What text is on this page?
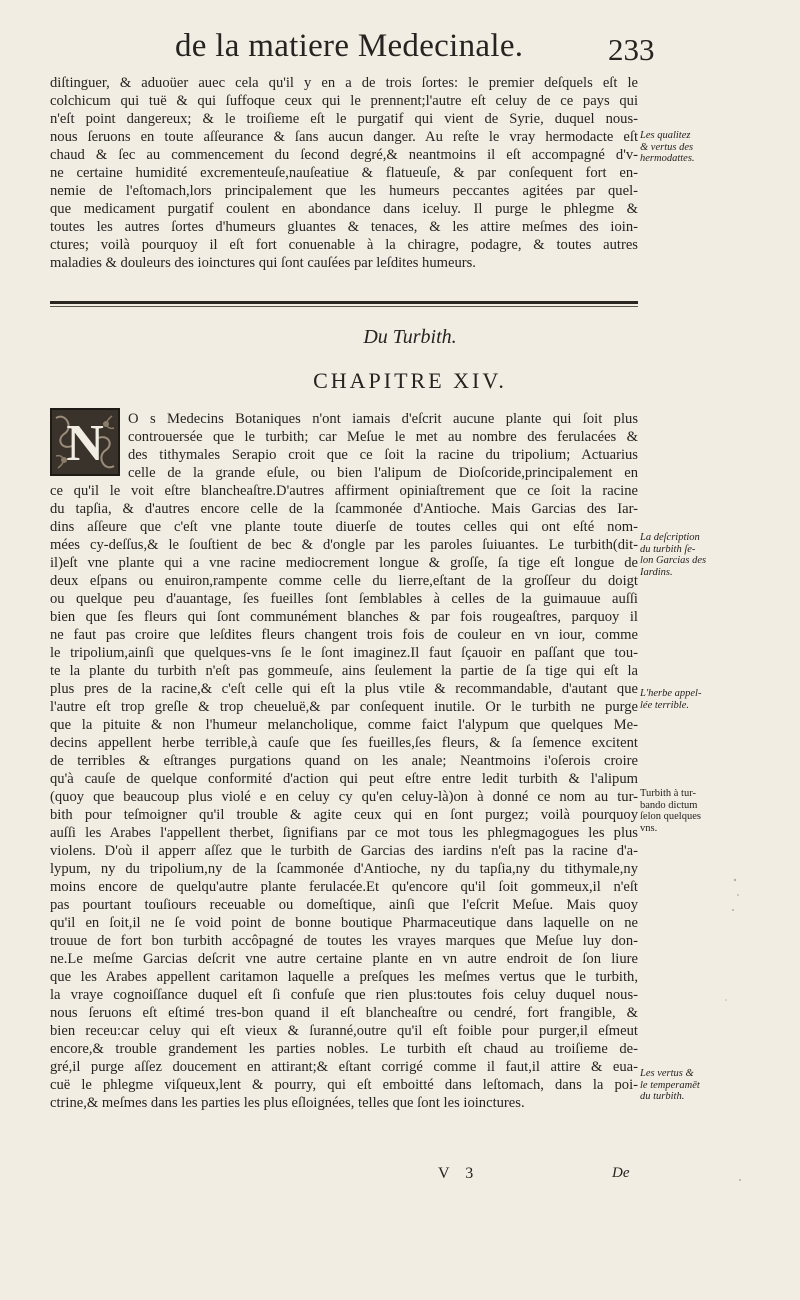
de la matiere Medecinale.	233
diſtinguer, & aduoüer auec cela qu'il y en a de trois ſortes: le premier deſquels eſt le
colchicum qui tuë & qui ſuffoque ceux qui le prennent;l'autre eſt celuy de ce pays qui
n'eſt point dangereux; & le troiſieme eſt le purgatif qui vient de Syrie, duquel nous-
nous ſeruons en toute aſſeurance & ſans aucun danger. Au reſte le vray hermodacte eſt
chaud & ſec au commencement du ſecond degré,& neantmoins il eſt accompagné d'v-
ne certaine humidité excrementeuſe,nauſeatiue & flatueuſe, & par conſequent fort en-
nemie de l'eſtomach,lors principalement que les humeurs peccantes agitées par quel-
que medicament purgatif coulent en abondance dans iceluy. Il purge le phlegme &
toutes les autres ſortes d'humeurs gluantes & tenaces, & les attire meſmes des ioin-
ctures; voilà pourquoy il eſt fort conuenable à la chiragre, podagre, & toutes autres
maladies & douleurs des ioinctures qui ſont cauſées par leſdites humeurs.
Du Turbith.
CHAPITRE XIV.
N	O s Medecins Botaniques n'ont iamais d'eſcrit aucune plante qui ſoit plus
controuersée que le turbith; car Meſue le met au nombre des ferulacées &
des tithymales Serapio croit que ce ſoit la racine du tripolium; Actuarius
celle de la grande eſule, ou bien l'alipum de Dioſcoride,principalement en
ce qu'il le voit eſtre blancheaſtre.D'autres affirment opiniaſtrement que ce ſoit la racine
du tapſia, & d'autres encore celle de la ſcammonée d'Antioche. Mais Garcias des Iar-
dins aſſeure que c'eſt vne plante toute diuerſe de toutes celles qui ont eſté nom-
mées cy-deſſus,& le ſouſtient de bec & d'ongle par les paroles ſuiuantes. Le turbith(dit-
il)eſt vne plante qui a vne racine mediocrement longue & groſſe, ſa tige eſt longue de
deux eſpans ou enuiron,rampente comme celle du lierre,eſtant de la groſſeur du doigt
ou quelque peu d'auantage, ſes fueilles ſont ſemblables à celles de la guimauue auſſi
bien que ſes fleurs qui ſont communément blanches & par fois rougeaſtres, parquoy il
ne faut pas croire que leſdites fleurs changent trois fois de couleur en vn iour, comme
le tripolium,ainſi que quelques-vns ſe le ſont imaginez.Il faut ſçauoir en paſſant que tou-
te la plante du turbith n'eſt pas gommeuſe, ains ſeulement la partie de ſa tige qui eſt la
plus pres de la racine,& c'eſt celle qui eſt la plus vtile & recommandable, d'autant que
l'autre eſt trop greſle & trop cheueluë,& par conſequent inutile. Or le turbith ne purge
que la pituite & non l'humeur melancholique, comme faict l'alypum que quelques Me-
decins appellent herbe terrible,à cauſe que ſes fueilles,ſes fleurs, & ſa ſemence excitent
de terribles & eſtranges purgations quand on les anale; Neantmoins i'oſerois croire
qu'à cauſe de quelque conformité d'action qui peut eſtre entre ledit turbith & l'alipum
(quoy que beaucoup plus violé e en celuy cy qu'en celuy-là)on à donné ce nom au tur-
bith pour teſmoigner qu'il trouble & agite ceux qui en ſont purgez; voilà pourquoy
auſſi les Arabes l'appellent therbet, ſignifians par ce mot tous les phlegmagogues les plus
violens. D'où il apperr aſſez que le turbith de Garcias des iardins n'eſt pas la racine d'a-
lypum, ny du tripolium,ny de la ſcammonée d'Antioche, ny du tapſia,ny du tithymale,ny
moins encore de quelqu'autre plante ferulacée.Et qu'encore qu'il ſoit gommeux,il n'eſt
pas pourtant touſiours receuable ou domeſtique, ainſi que l'eſcrit Meſue. Mais quoy
qu'il en ſoit,il ne ſe void point de bonne boutique Pharmaceutique dans laquelle on ne
trouue de fort bon turbith accôpagné de toutes les vrayes marques que Meſue luy don-
ne.Le meſme Garcias deſcrit vne autre certaine plante en vn autre endroit de ſon liure
que les Arabes appellent caritamon laquelle a preſques les meſmes vertus que le turbith,
la vraye cognoiſſance duquel eſt ſi confuſe que rien plus:toutes fois celuy duquel nous-
nous ſeruons eſt eſtimé tres-bon quand il eſt blancheaſtre ou cendré, fort frangible, &
bien receu:car celuy qui eſt vieux & ſuranné,outre qu'il eſt foible pour purger,il eſmeut
encore,& trouble grandement les parties nobles. Le turbith eſt chaud au troiſieme de-
gré,il purge aſſez doucement en attirant;& eſtant corrigé comme il faut,il attire & eua-
cuë le phlegme viſqueux,lent & pourry, qui eſt emboitté dans leſtomach, dans la poi-
ctrine,& meſmes dans les parties les plus eſloignées, telles que ſont les ioinctures.
Les qualitez
& vertus des
hermodattes.
La deſcription
du turbith ſe-
lon Garcias des
Iardins.
L'herbe appel-
lée terrible.
Turbith à tur-
bando dictum
ſelon quelques
vns.
Les vertus &
le temperamēt
du turbith.
V 3	De
